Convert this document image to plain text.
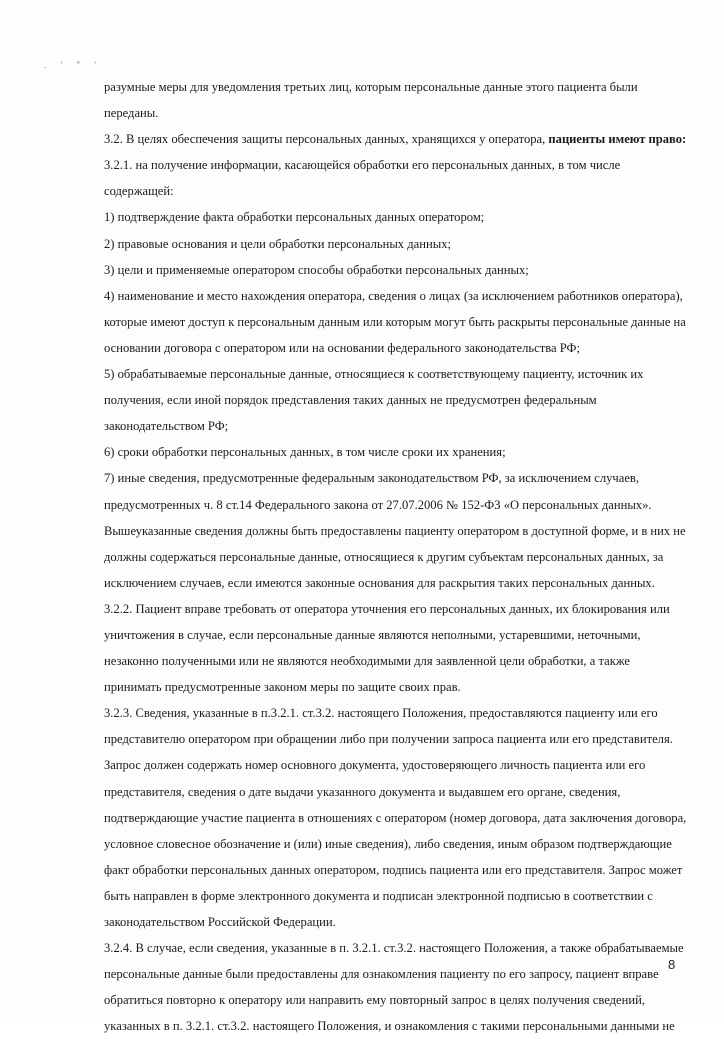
. ' " '
разумные меры для уведомления третьих лиц, которым персональные данные этого пациента были
переданы.
3.2. В целях обеспечения защиты персональных данных, хранящихся у оператора, пациенты имеют право:
3.2.1. на получение информации, касающейся обработки его персональных данных, в том числе
содержащей:
1) подтверждение факта обработки персональных данных оператором;
2) правовые основания и цели обработки персональных данных;
3) цели и применяемые оператором способы обработки персональных данных;
4) наименование и место нахождения оператора, сведения о лицах (за исключением работников оператора),
которые имеют доступ к персональным данным или которым могут быть раскрыты персональные данные на
основании договора с оператором или на основании федерального законодательства РФ;
5) обрабатываемые персональные данные, относящиеся к соответствующему пациенту, источник их
получения, если иной порядок представления таких данных не предусмотрен федеральным
законодательством РФ;
6) сроки обработки персональных данных, в том числе сроки их хранения;
7) иные сведения, предусмотренные федеральным законодательством РФ, за исключением случаев,
предусмотренных ч. 8 ст.14 Федерального закона от 27.07.2006 № 152-ФЗ «О персональных данных».
Вышеуказанные сведения должны быть предоставлены пациенту оператором в доступной форме, и в них не
должны содержаться персональные данные, относящиеся к другим субъектам персональных данных, за
исключением случаев, если имеются законные основания для раскрытия таких персональных данных.
3.2.2. Пациент вправе требовать от оператора уточнения его персональных данных, их блокирования или
уничтожения в случае, если персональные данные являются неполными, устаревшими, неточными,
незаконно полученными или не являются необходимыми для заявленной цели обработки, а также
принимать предусмотренные законом меры по защите своих прав.
3.2.3. Сведения, указанные в п.3.2.1. ст.3.2. настоящего Положения, предоставляются пациенту или его
представителю оператором при обращении либо при получении запроса пациента или его представителя.
Запрос должен содержать номер основного документа, удостоверяющего личность пациента или его
представителя, сведения о дате выдачи указанного документа и выдавшем его органе, сведения,
подтверждающие участие пациента в отношениях с оператором (номер договора, дата заключения договора,
условное словесное обозначение и (или) иные сведения), либо сведения, иным образом подтверждающие
факт обработки персональных данных оператором, подпись пациента или его представителя. Запрос может
быть направлен в форме электронного документа и подписан электронной подписью в соответствии с
законодательством Российской Федерации.
3.2.4. В случае, если сведения, указанные в п. 3.2.1. ст.3.2. настоящего Положения, а также обрабатываемые
персональные данные были предоставлены для ознакомления пациенту по его запросу, пациент вправе
обратиться повторно к оператору или направить ему повторный запрос в целях получения сведений,
указанных в п. 3.2.1. ст.3.2. настоящего Положения, и ознакомления с такими персональными данными не
8
